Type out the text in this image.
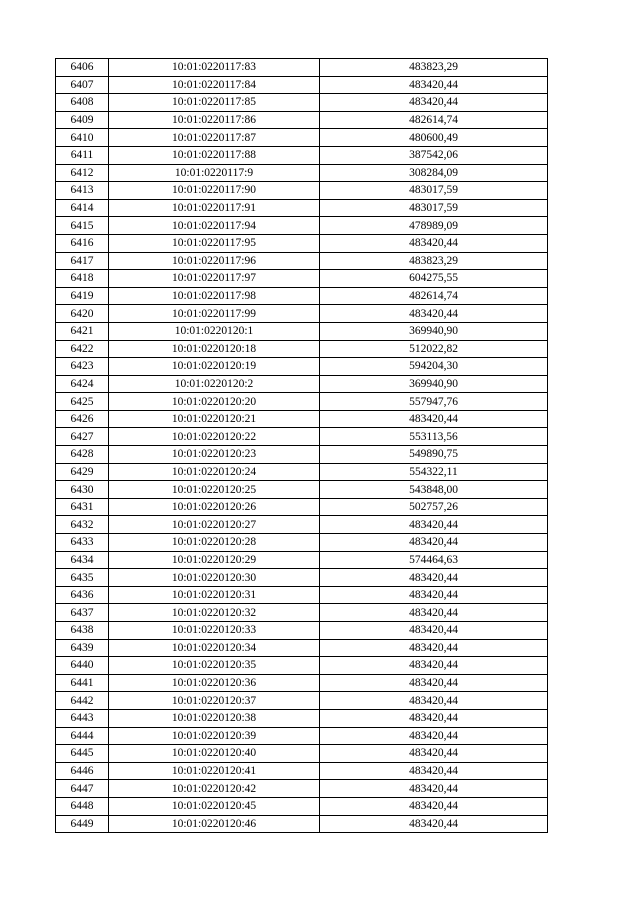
6406	10:01:0220117:83	483823,29
6407	10:01:0220117:84	483420,44
6408	10:01:0220117:85	483420,44
6409	10:01:0220117:86	482614,74
6410	10:01:0220117:87	480600,49
6411	10:01:0220117:88	387542,06
6412	10:01:0220117:9	308284,09
6413	10:01:0220117:90	483017,59
6414	10:01:0220117:91	483017,59
6415	10:01:0220117:94	478989,09
6416	10:01:0220117:95	483420,44
6417	10:01:0220117:96	483823,29
6418	10:01:0220117:97	604275,55
6419	10:01:0220117:98	482614,74
6420	10:01:0220117:99	483420,44
6421	10:01:0220120:1	369940,90
6422	10:01:0220120:18	512022,82
6423	10:01:0220120:19	594204,30
6424	10:01:0220120:2	369940,90
6425	10:01:0220120:20	557947,76
6426	10:01:0220120:21	483420,44
6427	10:01:0220120:22	553113,56
6428	10:01:0220120:23	549890,75
6429	10:01:0220120:24	554322,11
6430	10:01:0220120:25	543848,00
6431	10:01:0220120:26	502757,26
6432	10:01:0220120:27	483420,44
6433	10:01:0220120:28	483420,44
6434	10:01:0220120:29	574464,63
6435	10:01:0220120:30	483420,44
6436	10:01:0220120:31	483420,44
6437	10:01:0220120:32	483420,44
6438	10:01:0220120:33	483420,44
6439	10:01:0220120:34	483420,44
6440	10:01:0220120:35	483420,44
6441	10:01:0220120:36	483420,44
6442	10:01:0220120:37	483420,44
6443	10:01:0220120:38	483420,44
6444	10:01:0220120:39	483420,44
6445	10:01:0220120:40	483420,44
6446	10:01:0220120:41	483420,44
6447	10:01:0220120:42	483420,44
6448	10:01:0220120:45	483420,44
6449	10:01:0220120:46	483420,44
